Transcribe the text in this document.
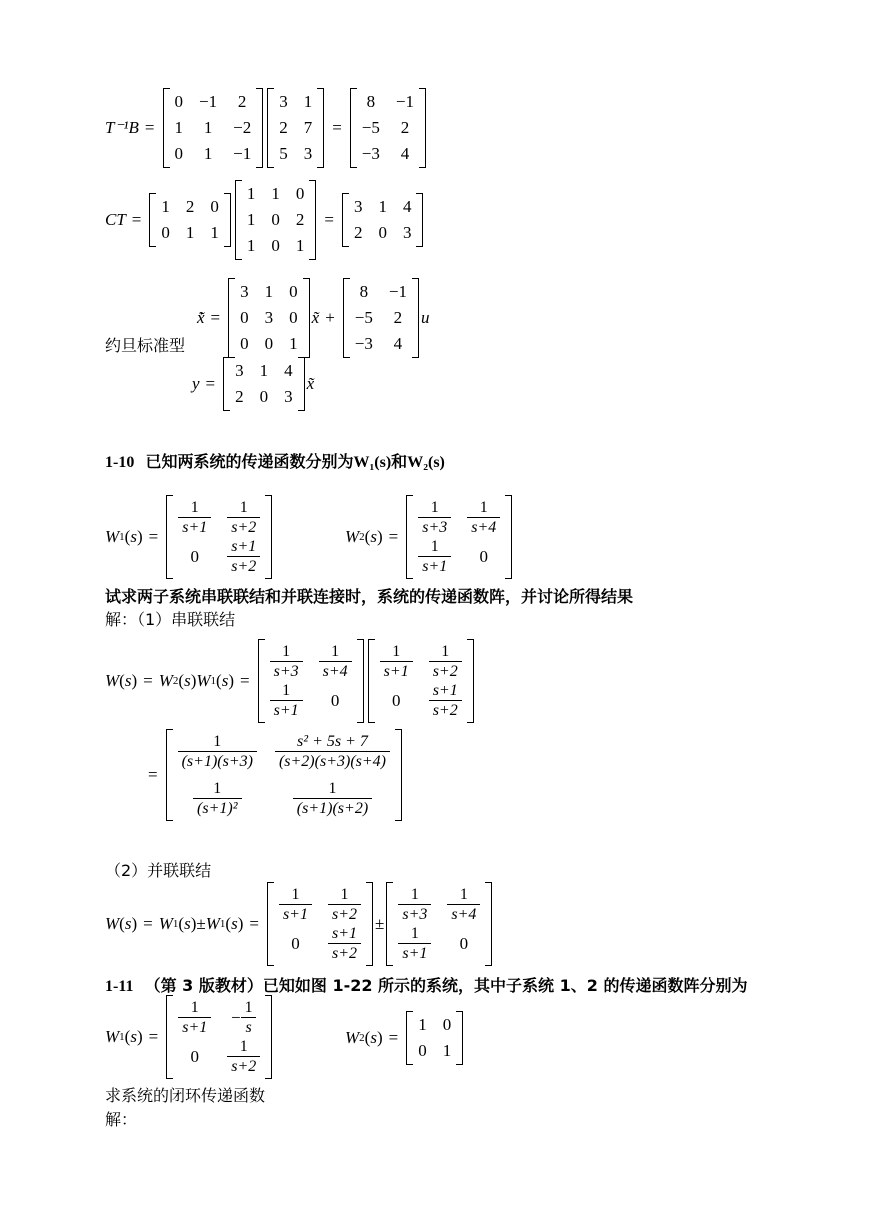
T⁻¹B =
0 −1 2
1 1 −2
0 1 −1
3 1
2 7
5 3
=
8 −1
−5 2
−3 4
CT =
1 2 0
0 1 1
1 1 0
1 0 2
1 0 1
=
3 1 4
2 0 3
约旦标准型
x̃̇ =
3 1 0
0 3 0
0 0 1
x̃ +
8 −1
−5 2
−3 4
u
y =
3 1 4
2 0 3
x̃
1-10 已知两系统的传递函数分别为W₁(s)和W₂(s)
W 1 ( s ) = $\frac{1}{s+1} \frac{1}{s+2}$
$0 \frac{s+1}{s+2}$
W 2 ( s ) = $\frac{1}{s+3} \frac{1}{s+4}$
$\frac{1}{s+1} 0$
试求两子系统串联联结和并联连接时，系统的传递函数阵，并讨论所得结果
解：（1）串联联结
W ( s ) = W 2 ( s ) W 1 ( s ) = $\frac{1}{s+3} \frac{1}{s+4}$
$\frac{1}{s+1} 0$
$\frac{1}{s+1} \frac{1}{s+2}$
$0 \frac{s+1}{s+2}$
=
$\frac{1}{(s+1)(s+3)} \frac{\text{s² + 5s + 7}}{(s+2)(s+3)(s+4)}$
$\frac{1}{\text{(s+1)²}}$	$\frac{1}{(s+1)(s+2)}$
（2）并联联结
W ( s ) = W 1 ( s ) ± W 1 ( s ) = $\frac{1}{s+1} \frac{1}{s+2}$
$0 \frac{s+1}{s+2}$
± $\frac{1}{s+3} \frac{1}{s+4}$
$\frac{1}{s+1} 0$
1-11 （第 3 版教材）已知如图 1-22 所示的系统，其中子系统 1、2 的传递函数阵分别为
W 1 ( s ) = $\frac{1}{s+1} - \frac{1}{s}$
$0 \frac{1}{s+2}$	W 2 ( s ) =
1 0
0 1
求系统的闭环传递函数
解：
